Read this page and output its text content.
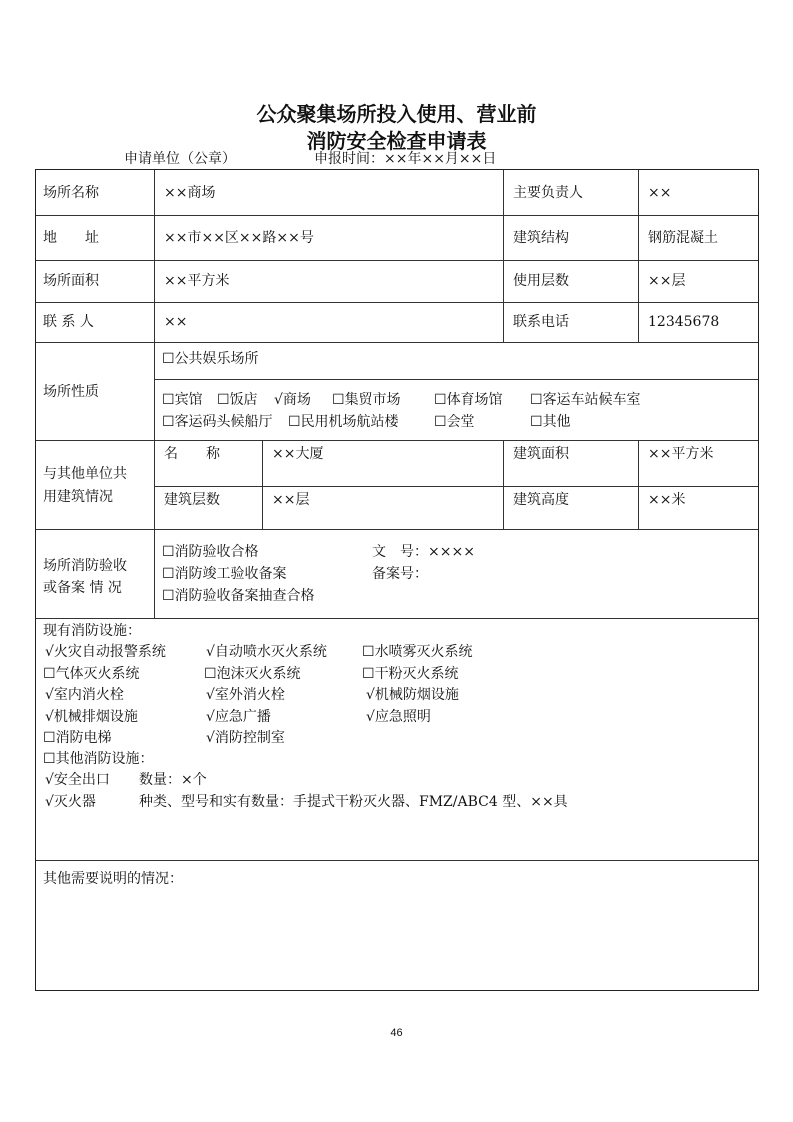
公众聚集场所投入使用、营业前
消防安全检查申请表
申请单位（公章）	申报时间：××年××月××日
场所名称	××商场	主要负责人	××
地　　址	××市××区××路××号	建筑结构	钢筋混凝土
场所面积	××平方米	使用层数	××层
联 系 人	××	联系电话	12345678
场所性质
☐ 公共娱乐场所
☐ 宾馆	☐ 饭店	√ 商场	☐ 集贸市场	☐ 体育场馆	☐ 客运车站候车室
☐ 客运码头候船厅	☐ 民用机场航站楼	☐ 会堂	☐ 其他
与其他单位共
用建筑情况
名　　称	××大厦	建筑面积	××平方米
建筑层数	××层	建筑高度	××米
场所消防验收
或备案 情 况
☐ 消防验收合格
☐ 消防竣工验收备案
☐ 消防验收备案抽查合格
文　号：××××
备案号：
现有消防设施：
√ 火灾自动报警系统	√ 自动喷水灭火系统	☐ 水喷雾灭火系统
☐ 气体灭火系统	☐ 泡沫灭火系统	☐ 干粉灭火系统
√ 室内消火栓	√ 室外消火栓	√ 机械防烟设施
√ 机械排烟设施	√ 应急广播	√ 应急照明
☐ 消防电梯	√ 消防控制室
☐ 其他消防设施：
√ 安全出口 数量：×个
√ 灭火器	种类、型号和实有数量：手提式干粉灭火器、FMZ/ABC4 型、××具
其他需要说明的情况：
46
